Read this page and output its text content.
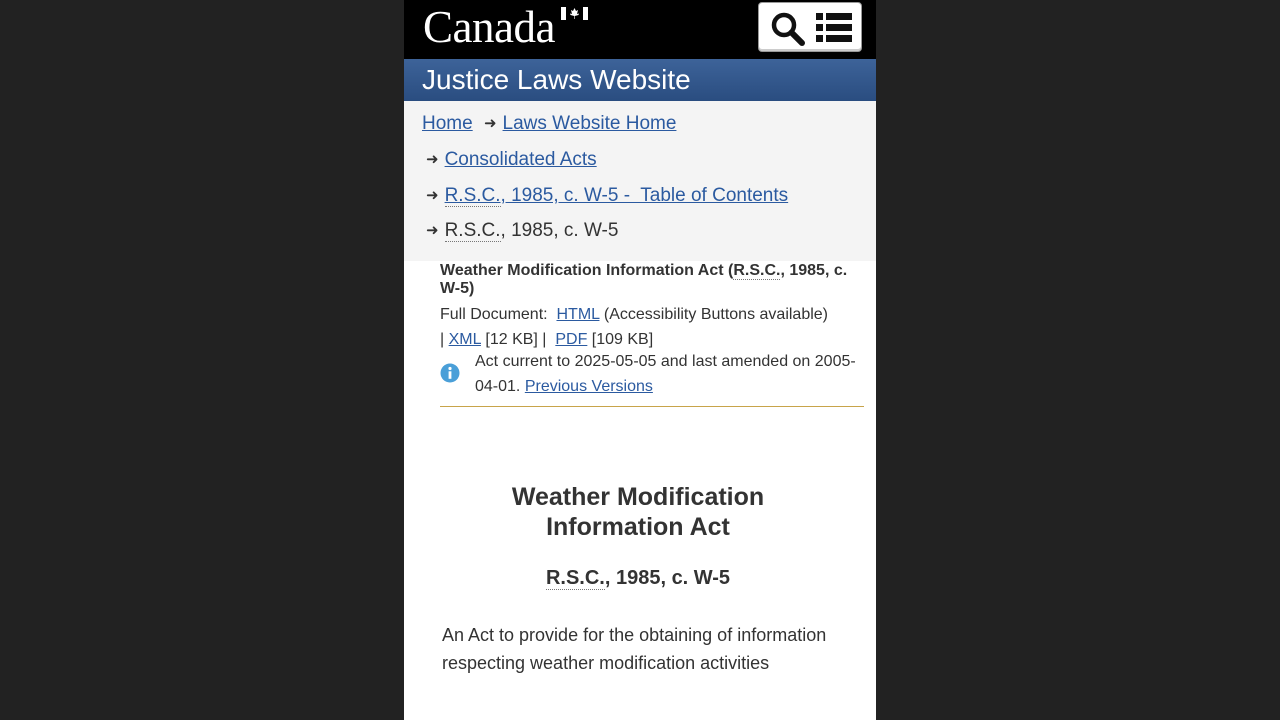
Canada
Justice Laws Website
Home ➜ Laws Website Home
➜ Consolidated Acts
➜ R.S.C., 1985, c. W-5 -  Table of Contents
➜ R.S.C., 1985, c. W-5
Weather Modification Information Act (R.S.C., 1985, c. W-5)
Full Document: HTML (Accessibility Buttons available)
| XML [12 KB] | PDF [109 KB]
Act current to 2025-05-05 and last amended on 2005-04-01. Previous Versions
Weather Modification
Information Act
R.S.C., 1985, c. W-5
An Act to provide for the obtaining of information respecting weather modification activities
